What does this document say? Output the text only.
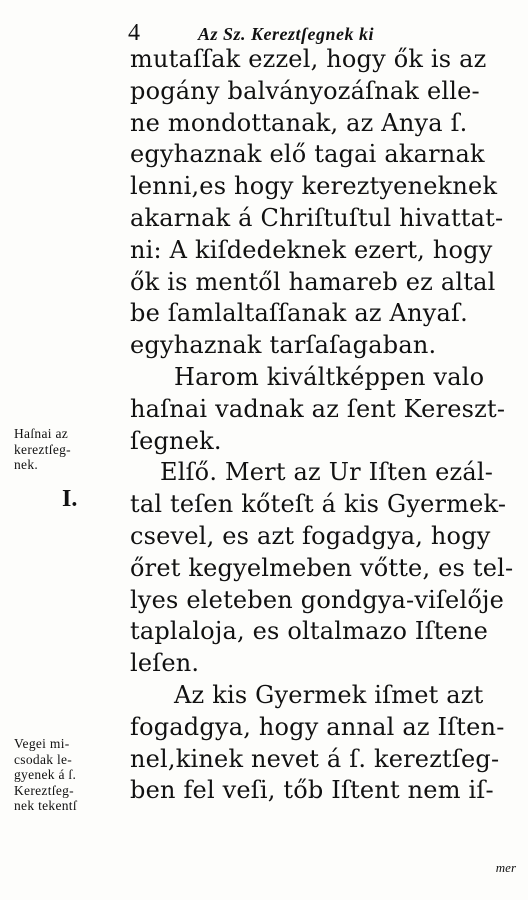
4	Az Sz. Kereztſegnek ki
mutaſſak ezzel, hogy ők is az
pogány balványozáſnak elle-
ne mondottanak, az Anya ſ.
egyhaznak elő tagai akarnak
lenni,es hogy kereztyeneknek
akarnak á Chriſtuſtul hivattat-
ni: A kiſdedeknek ezert, hogy
ők is mentől hamareb ez altal
be ſamlaltaſſanak az Anyaſ.
egyhaznak tarſaſagaban.
Harom kiváltképpen valo
haſnai vadnak az ſent Kereszt-
ſegnek.
Elſő. Mert az Ur Iſten ezál-
tal teſen kőteſt á kis Gyermek-
csevel, es azt fogadgya, hogy
őret kegyelmeben vőtte, es tel-
lyes eleteben gondgya-viſelője
taplaloja, es oltalmazo Iſtene
leſen.
Az kis Gyermek iſmet azt
fogadgya, hogy annal az Iſten-
nel,kinek nevet á ſ. kereztſeg-
ben fel veſi, tőb Iſtent nem iſ-
Haſnai az
kereztſeg-
nek.
I.
Vegei mi-
csodak le-
gyenek á ſ.
Kereztſeg-
nek tekentſ
mer
